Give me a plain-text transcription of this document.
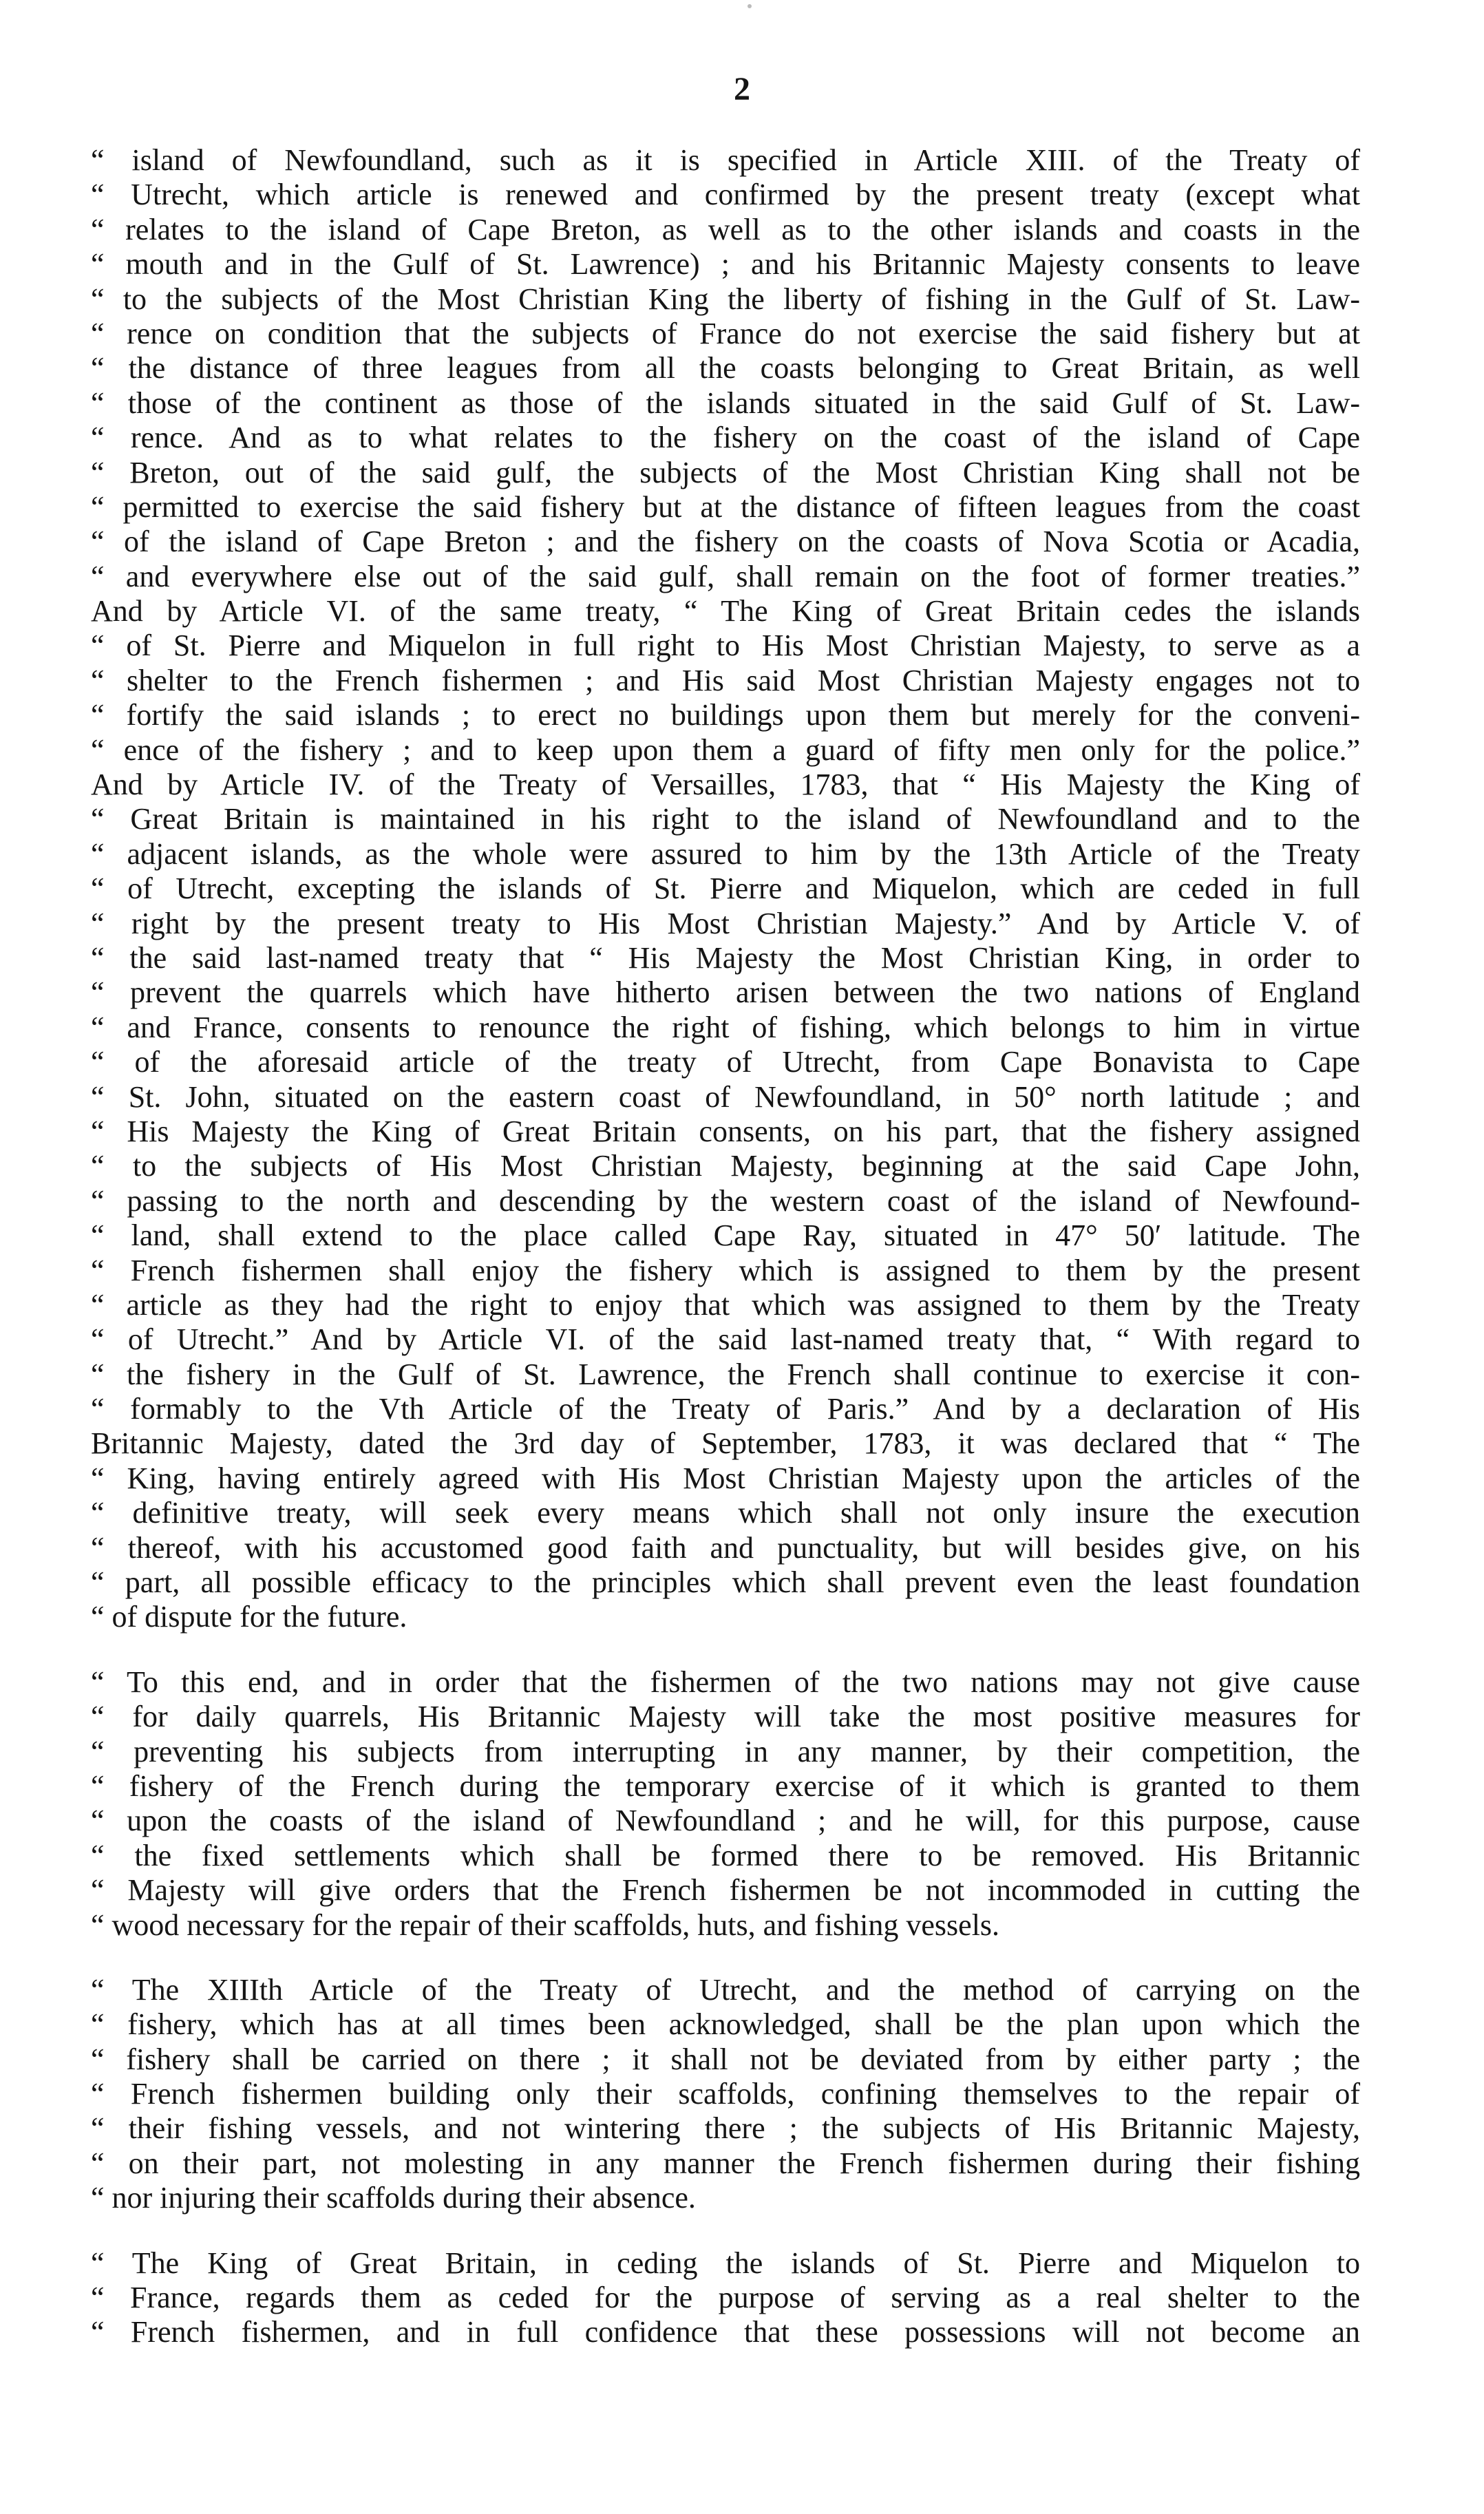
2
“ island of Newfoundland, such as it is specified in Article XIII. of the Treaty of
“ Utrecht, which article is renewed and confirmed by the present treaty (except what
“ relates to the island of Cape Breton, as well as to the other islands and coasts in the
“ mouth and in the Gulf of St. Lawrence) ; and his Britannic Majesty consents to leave
“ to the subjects of the Most Christian King the liberty of fishing in the Gulf of St. Law-
“ rence on condition that the subjects of France do not exercise the said fishery but at
“ the distance of three leagues from all the coasts belonging to Great Britain, as well
“ those of the continent as those of the islands situated in the said Gulf of St. Law-
“ rence. And as to what relates to the fishery on the coast of the island of Cape
“ Breton, out of the said gulf, the subjects of the Most Christian King shall not be
“ permitted to exercise the said fishery but at the distance of fifteen leagues from the coast
“ of the island of Cape Breton ; and the fishery on the coasts of Nova Scotia or Acadia,
“ and everywhere else out of the said gulf, shall remain on the foot of former treaties.”
And by Article VI. of the same treaty, “ The King of Great Britain cedes the islands
“ of St. Pierre and Miquelon in full right to His Most Christian Majesty, to serve as a
“ shelter to the French fishermen ; and His said Most Christian Majesty engages not to
“ fortify the said islands ; to erect no buildings upon them but merely for the conveni-
“ ence of the fishery ; and to keep upon them a guard of fifty men only for the police.”
And by Article IV. of the Treaty of Versailles, 1783, that “ His Majesty the King of
“ Great Britain is maintained in his right to the island of Newfoundland and to the
“ adjacent islands, as the whole were assured to him by the 13th Article of the Treaty
“ of Utrecht, excepting the islands of St. Pierre and Miquelon, which are ceded in full
“ right by the present treaty to His Most Christian Majesty.” And by Article V. of
“ the said last-named treaty that “ His Majesty the Most Christian King, in order to
“ prevent the quarrels which have hitherto arisen between the two nations of England
“ and France, consents to renounce the right of fishing, which belongs to him in virtue
“ of the aforesaid article of the treaty of Utrecht, from Cape Bonavista to Cape
“ St. John, situated on the eastern coast of Newfoundland, in 50° north latitude ; and
“ His Majesty the King of Great Britain consents, on his part, that the fishery assigned
“ to the subjects of His Most Christian Majesty, beginning at the said Cape John,
“ passing to the north and descending by the western coast of the island of Newfound-
“ land, shall extend to the place called Cape Ray, situated in 47° 50′ latitude. The
“ French fishermen shall enjoy the fishery which is assigned to them by the present
“ article as they had the right to enjoy that which was assigned to them by the Treaty
“ of Utrecht.” And by Article VI. of the said last-named treaty that, “ With regard to
“ the fishery in the Gulf of St. Lawrence, the French shall continue to exercise it con-
“ formably to the Vth Article of the Treaty of Paris.” And by a declaration of His
Britannic Majesty, dated the 3rd day of September, 1783, it was declared that “ The
“ King, having entirely agreed with His Most Christian Majesty upon the articles of the
“ definitive treaty, will seek every means which shall not only insure the execution
“ thereof, with his accustomed good faith and punctuality, but will besides give, on his
“ part, all possible efficacy to the principles which shall prevent even the least foundation
“ of dispute for the future.
“ To this end, and in order that the fishermen of the two nations may not give cause
“ for daily quarrels, His Britannic Majesty will take the most positive measures for
“ preventing his subjects from interrupting in any manner, by their competition, the
“ fishery of the French during the temporary exercise of it which is granted to them
“ upon the coasts of the island of Newfoundland ; and he will, for this purpose, cause
“ the fixed settlements which shall be formed there to be removed. His Britannic
“ Majesty will give orders that the French fishermen be not incommoded in cutting the
“ wood necessary for the repair of their scaffolds, huts, and fishing vessels.
“ The XIIIth Article of the Treaty of Utrecht, and the method of carrying on the
“ fishery, which has at all times been acknowledged, shall be the plan upon which the
“ fishery shall be carried on there ; it shall not be deviated from by either party ; the
“ French fishermen building only their scaffolds, confining themselves to the repair of
“ their fishing vessels, and not wintering there ; the subjects of His Britannic Majesty,
“ on their part, not molesting in any manner the French fishermen during their fishing
“ nor injuring their scaffolds during their absence.
“ The King of Great Britain, in ceding the islands of St. Pierre and Miquelon to
“ France, regards them as ceded for the purpose of serving as a real shelter to the
“ French fishermen, and in full confidence that these possessions will not become an
